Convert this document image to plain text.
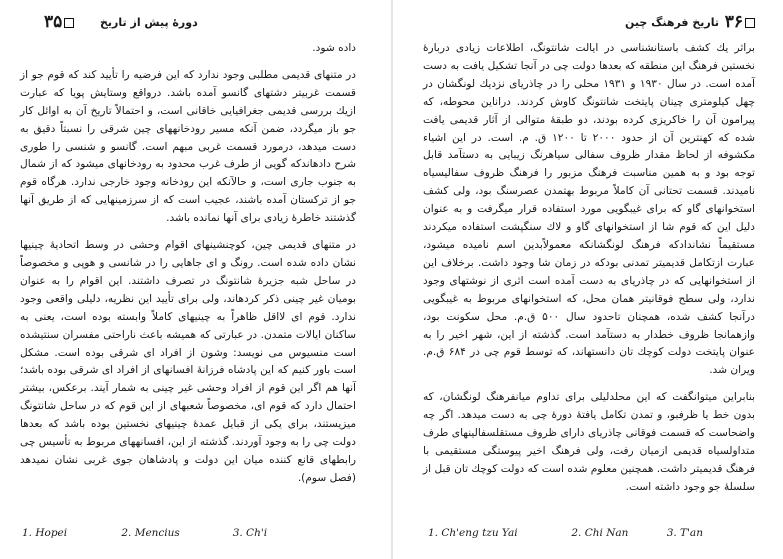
۳۵	دورهٔ پیش از تاریخ

داده شود.

در متنهای قدیمی مطلبی وجود ندارد که این فرضیه را تأیید کند که قوم جو از قسمت غربیتر دشتهای گانسو آمده باشد. درواقع وستایش پویا که عبارت ازیك بررسی قدیمی جغرافیایی خاقانی است، و احتمالاً تاریخ آن به اوائل کار جو باز میگردد، ضمن آنکه مسیر رودخانههای چین شرقی را نسبتاً دقیق به دست میدهد، درمورد قسمت غربی مبهم است. گانسو و شنسی را طوری شرح دادهاندکه گویی از طرف غرب محدود به رودخانهای میشود که از شمال به جنوب جاری است، و حالآنکه این رودخانه وجود خارجی ندارد. هرگاه قوم جو از ترکستان آمده باشند، عجیب است که از سرزمینهایی که از طریق آنها گذشتند خاطرهٔ زیادی برای آنها نمانده باشد.

در متنهای قدیمی چین، کوچنشینهای اقوام وحشی در وسط اتحادیهٔ چینیها نشان داده شده است. رونگ و ای جاهایی را در شانسی و هوپی و مخصوصاً در ساحل شبه جزیرهٔ شانتونگ در تصرف داشتند. این اقوام را به عنوان بومیان غیر چینی ذکر کردهاند، ولی برای تأیید این نظریه، دلیلی واقعی وجود ندارد. قوم ای لااقل ظاهراً به چینیهای کاملاً وابسته بوده است، یعنی به ساکنان ایالات متمدن. در عبارتی که همیشه باعث ناراحتی مفسران سنتیشده است منسیوس می نویسد: وشون از افراد ای شرقی بوده است. مشکل است باور کنیم که این پادشاه فرزانهٔ افسانهای از افراد ای شرقی بوده باشد؛ آنها هم اگر این قوم از افراد وحشی غیر چینی به شمار آیند. برعکس، بیشتر احتمال دارد که قوم ای، مخصوصاً شعبهای از این قوم که در ساحل شانتونگ میزیستند، برای یکی از قبایل عمدهٔ چینیهای نخستین بوده باشد که بعدها دولت چی را به وجود آوردند. گذشته از این، افسانههای مربوط به تأسیس چی رابطهای قانع کننده میان این دولت و پادشاهان جوی غربی نشان نمیدهد (فصل سوم).

1. Hopei	2. Mencius	3. Ch'i
۳۶
تاریخ فرهنگ چین

براثر یك کشف باستانشناسی در ایالت شانتونگ، اطلاعات زیادی دربارهٔ نخستین فرهنگ این منطقه که بعدها دولت چی در آنجا تشکیل یافت به دست آمده است. در سال ۱۹۳۰ و ۱۹۳۱ محلی را در چاذریای نزدیك لونگشان در چهل کیلومتری چینان پایتخت شانتونگ کاوش کردند. دراناین محوطه، که پیرامون آن را خاکریزی کرده بودند، دو طبقهٔ متوالی از آثار قدیمی یافت شده که کهنترین آن از حدود ۲۰۰۰ تا ۱۲۰۰ ق. م. است. در این اشیاء مکشوفه از لحاظ مقدار ظروف سفالی سیاهرنگ زیبایی به دستآمد قابل توجه بود و به همین مناسبت فرهنگ مزبور را فرهنگ ظروف سفالیسیاه نامیدند. قسمت تحتانی آن کاملاً مربوط بهتمدن عصرسنگ بود، ولی کشف استخوانهای گاو که برای غیبگویی مورد استفاده قرار میگرفت و به عنوان دلیل این که قوم شا از استخوانهای گاو و لاك سنگپشت استفاده میکردند مستقیماً نشاندادکه فرهنگ لونگشانکه معمولاًبدین اسم نامیده میشود، عبارت ازتکامل قدیمیتر تمدنی بودکه در زمان شا وجود داشت. برخلاف این از استخوانهایی که در چاذریای به دست آمده است اثری از نوشتهای وجود ندارد، ولی سطح فوقانیتر همان محل، که استخوانهای مربوط به غیبگویی درآنجا کشف شده، همچنان تاحدود سال ۵۰۰ ق.م. محل سکونت بود، وازهمانجا ظروف خطدار به دستآمد است. گذشته از این، شهر اخیر را به عنوان پایتخت دولت کوچك تان دانستهاند، که توسط قوم چی در ۶۸۴ ق.م. ویران شد.

بنابراین میتوانگفت که این محلدلیلی برای تداوم میانفرهنگ لونگشان، که بدون خط یا ظرفبو، و تمدن تکامل یافتهٔ دورهٔ چی به دست میدهد. اگر چه واضحاست که قسمت فوقانی چاذریای دارای ظروف مستقلسفالینهای طرف متداولسیاه قدیمی ازمیان رفت، ولی فرهنگ اخیر پیوستگی مستقیمی با فرهنگ قدیمیتر داشت. همچنین معلوم شده است که دولت کوچك تان قبل از سلسلهٔ جو وجود داشته است.

1. Ch'eng tzu Yai	2. Chi Nan	3. T'an
